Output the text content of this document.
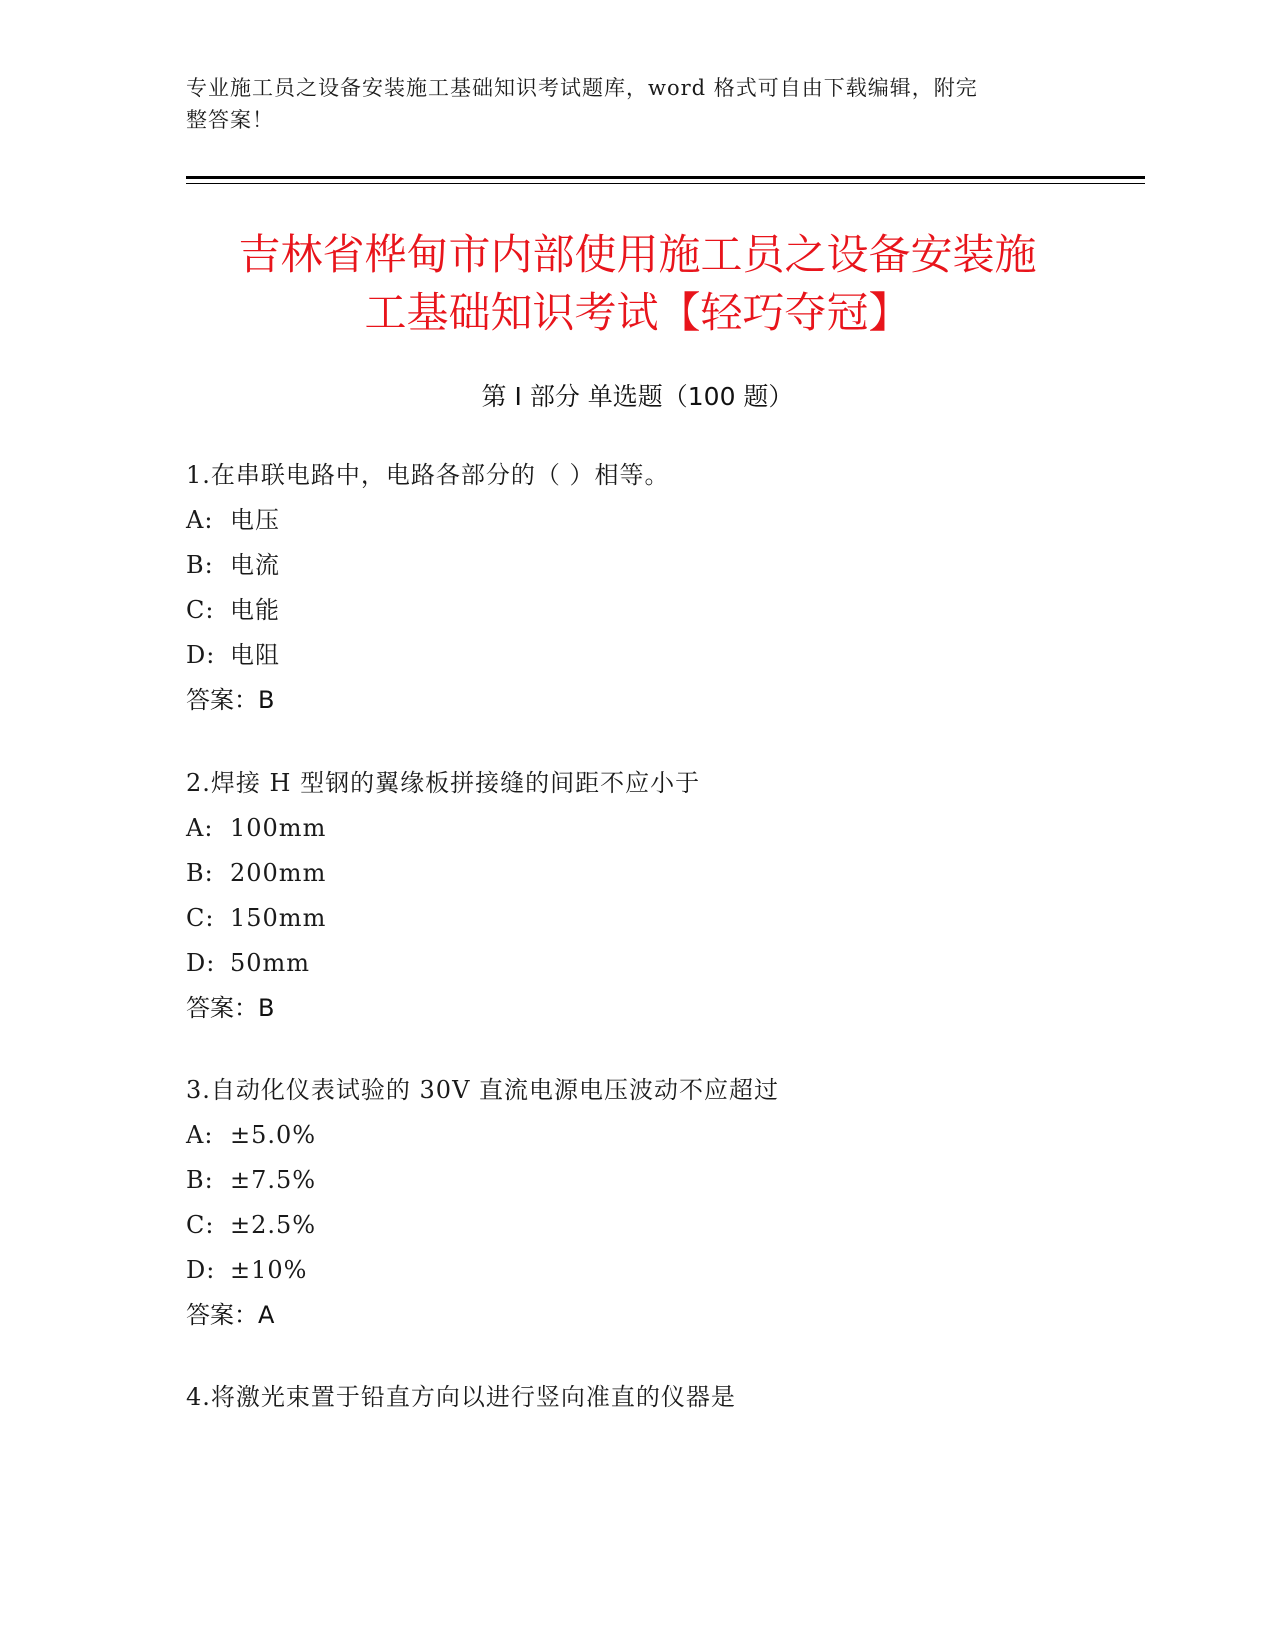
专业施工员之设备安装施工基础知识考试题库，word 格式可自由下载编辑，附完
整答案！
吉林省桦甸市内部使用施工员之设备安装施
工基础知识考试【轻巧夺冠】
第 I 部分 单选题（100 题）
1.在串联电路中，电路各部分的（ ）相等。
A: 电压
B: 电流
C: 电能
D: 电阻
答案：B
2.焊接 H 型钢的翼缘板拼接缝的间距不应小于
A: 100mm
B: 200mm
C: 150mm
D: 50mm
答案：B
3.自动化仪表试验的 30V 直流电源电压波动不应超过
A: ±5.0%
B: ±7.5%
C: ±2.5%
D: ±10%
答案：A
4.将激光束置于铅直方向以进行竖向准直的仪器是
